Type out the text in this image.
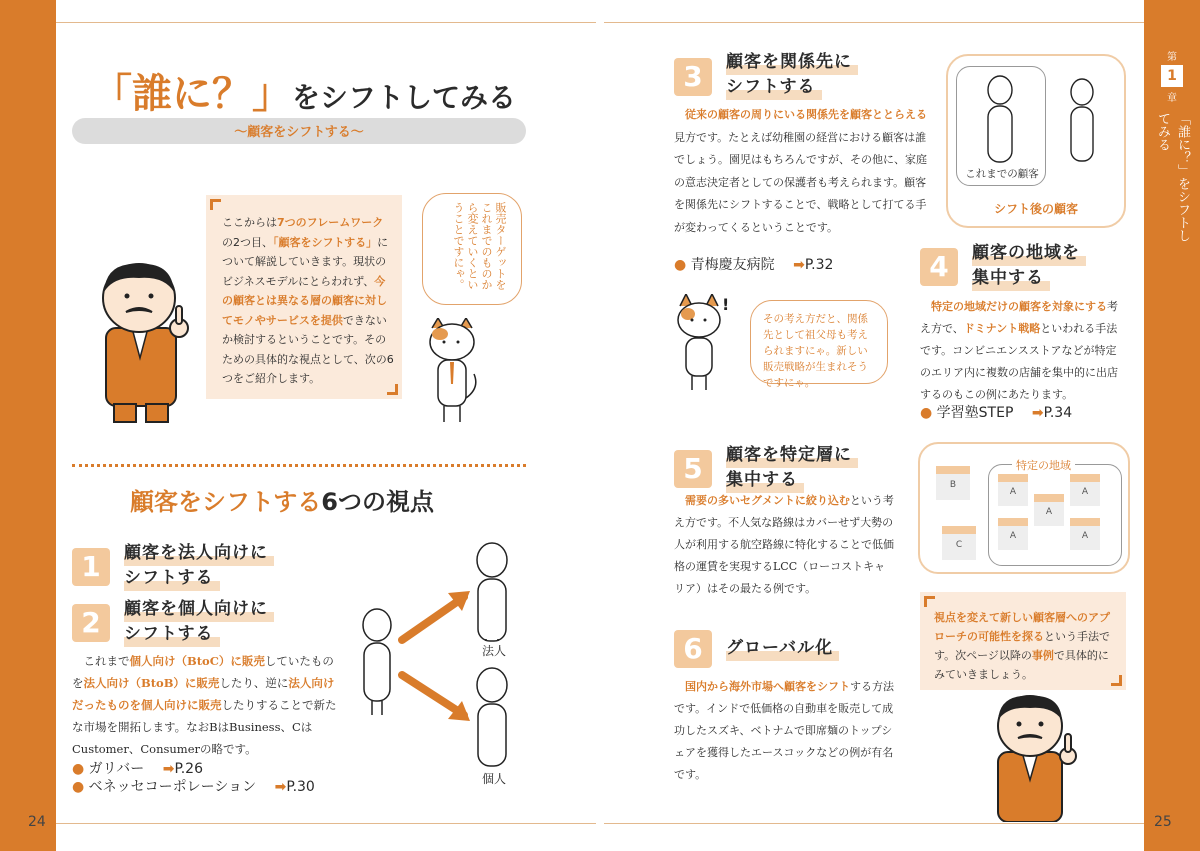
第
1
章
「誰に？」をシフトしてみる
「誰に？」をシフトしてみる
～顧客をシフトする～
ここからは7つのフレームワークの2つ目、「顧客をシフトする」について解説していきます。現状のビジネスモデルにとらわれず、今の顧客とは異なる層の顧客に対してモノやサービスを提供できないか検討するということです。そのための具体的な視点として、次の6つをご紹介します。
販売ターゲットをこれまでのものから変えていくということですにゃ。
顧客をシフトする6つの視点
1	顧客を法人向けに
シフトする
2	顧客を個人向けに
シフトする
これまで個人向け（BtoC）に販売していたものを法人向け（BtoB）に販売したり、逆に法人向けだったものを個人向けに販売したりすることで新たな市場を開拓します。なおBはBusiness、CはCustomer、Consumerの略です。
● ガリバー ➡P.26
● ベネッセコーポレーション ➡P.30
法人
個人
24
3	顧客を関係先に
シフトする
従来の顧客の周りにいる関係先を顧客ととらえる見方です。たとえば幼稚園の経営における顧客は誰でしょう。園児はもちろんですが、その他に、家庭の意志決定者としての保護者も考えられます。顧客を関係先にシフトすることで、戦略として打てる手が変わってくるということです。
● 青梅慶友病院 ➡P.32
これまでの顧客
シフト後の顧客
!
その考え方だと、関係先として祖父母も考えられますにゃ。新しい販売戦略が生まれそうですにゃ。
4	顧客の地域を
集中する
特定の地域だけの顧客を対象にする考え方で、ドミナント戦略といわれる手法です。コンビニエンスストアなどが特定のエリア内に複数の店舗を集中的に出店するのもこの例にあたります。
● 学習塾STEP ➡P.34
特定の地域
B
C
A	A
A
A	A
5	顧客を特定層に
集中する
需要の多いセグメントに絞り込むという考え方です。不人気な路線はカバーせず大勢の人が利用する航空路線に特化することで低価格の運賃を実現するLCC（ローコストキャリア）はその最たる例です。
6	グローバル化
国内から海外市場へ顧客をシフトする方法です。インドで低価格の自動車を販売して成功したスズキ、ベトナムで即席麺のトップシェアを獲得したエースコックなどの例が有名です。
視点を変えて新しい顧客層へのアプローチの可能性を探るという手法です。次ページ以降の事例で具体的にみていきましょう。
25
